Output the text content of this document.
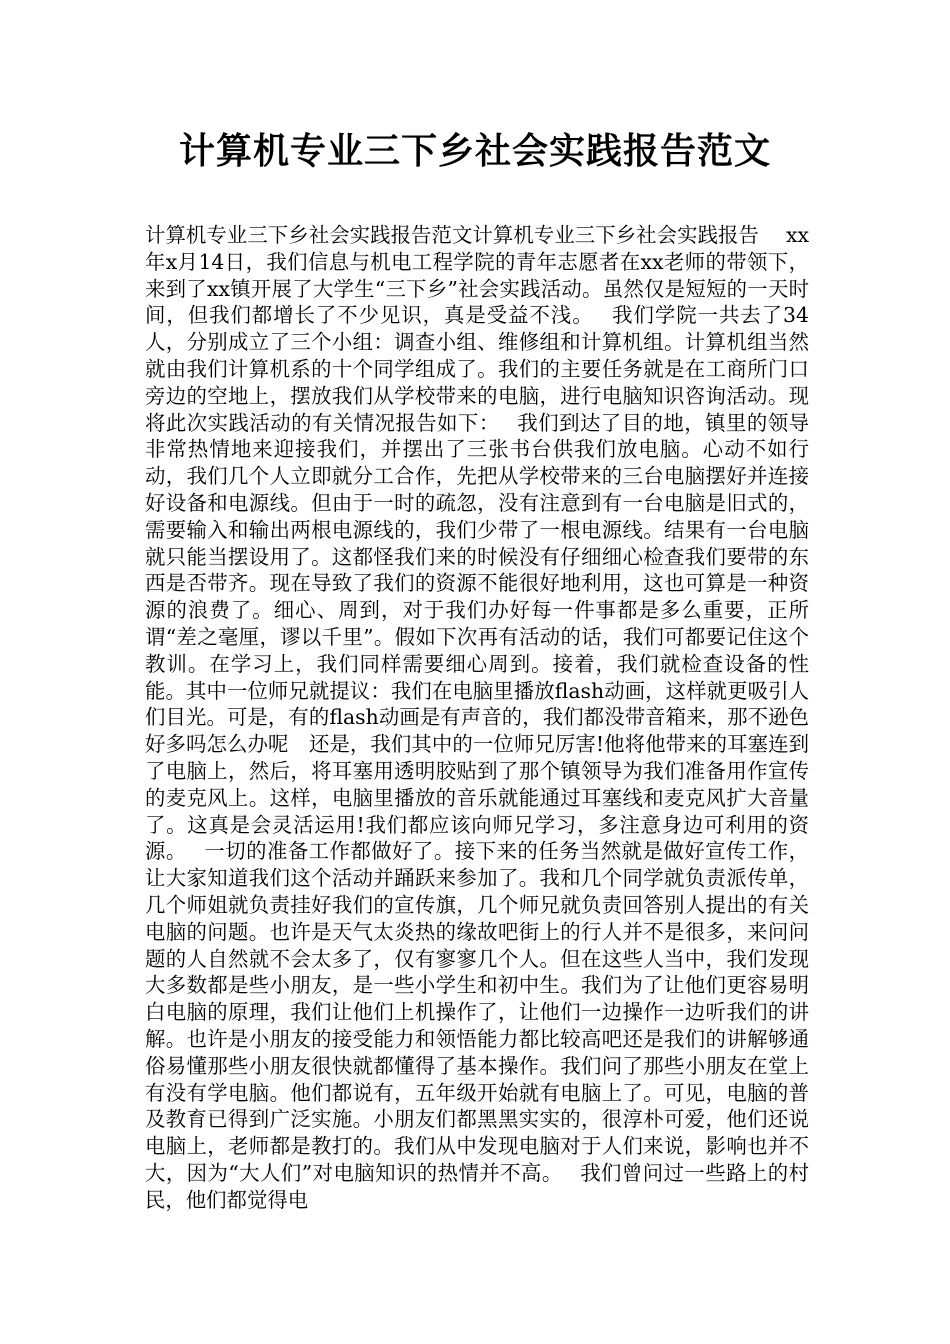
计算机专业三下乡社会实践报告范文

计算机专业三下乡社会实践报告范文计算机专业三下乡社会实践报告　 xx年x月14日，我们信息与机电工程学院的青年志愿者在xx老师的带领下，来到了xx镇开展了大学生“三下乡”社会实践活动。虽然仅是短短的一天时间，但我们都增长了不少见识，真是受益不浅。　 我们学院一共去了34人，分别成立了三个小组：调查小组、维修组和计算机组。计算机组当然就由我们计算机系的十个同学组成了。我们的主要任务就是在工商所门口旁边的空地上，摆放我们从学校带来的电脑，进行电脑知识咨询活动。现将此次实践活动的有关情况报告如下：　 我们到达了目的地，镇里的领导非常热情地来迎接我们，并摆出了三张书台供我们放电脑。心动不如行动，我们几个人立即就分工合作，先把从学校带来的三台电脑摆好并连接好设备和电源线。但由于一时的疏忽，没有注意到有一台电脑是旧式的，需要输入和输出两根电源线的，我们少带了一根电源线。结果有一台电脑就只能当摆设用了。这都怪我们来的时候没有仔细细心检查我们要带的东西是否带齐。现在导致了我们的资源不能很好地利用，这也可算是一种资源的浪费了。细心、周到，对于我们办好每一件事都是多么重要，正所谓“差之毫厘，谬以千里”。假如下次再有活动的话，我们可都要记住这个教训。在学习上，我们同样需要细心周到。接着，我们就检查设备的性能。其中一位师兄就提议：我们在电脑里播放flash动画，这样就更吸引人们目光。可是，有的flash动画是有声音的，我们都没带音箱来，那不逊色好多吗怎么办呢　还是，我们其中的一位师兄厉害!他将他带来的耳塞连到了电脑上，然后，将耳塞用透明胶贴到了那个镇领导为我们准备用作宣传的麦克风上。这样，电脑里播放的音乐就能通过耳塞线和麦克风扩大音量了。这真是会灵活运用!我们都应该向师兄学习，多注意身边可利用的资源。　 一切的准备工作都做好了。接下来的任务当然就是做好宣传工作，让大家知道我们这个活动并踊跃来参加了。我和几个同学就负责派传单，几个师姐就负责挂好我们的宣传旗，几个师兄就负责回答别人提出的有关电脑的问题。也许是天气太炎热的缘故吧街上的行人并不是很多，来问问题的人自然就不会太多了，仅有寥寥几个人。但在这些人当中，我们发现大多数都是些小朋友，是一些小学生和初中生。我们为了让他们更容易明白电脑的原理，我们让他们上机操作了，让他们一边操作一边听我们的讲解。也许是小朋友的接受能力和领悟能力都比较高吧还是我们的讲解够通俗易懂那些小朋友很快就都懂得了基本操作。我们问了那些小朋友在堂上有没有学电脑。他们都说有，五年级开始就有电脑上了。可见，电脑的普及教育已得到广泛实施。小朋友们都黑黑实实的，很淳朴可爱，他们还说电脑上，老师都是教打的。我们从中发现电脑对于人们来说，影响也并不大，因为“大人们”对电脑知识的热情并不高。　 我们曾问过一些路上的村民，他们都觉得电
